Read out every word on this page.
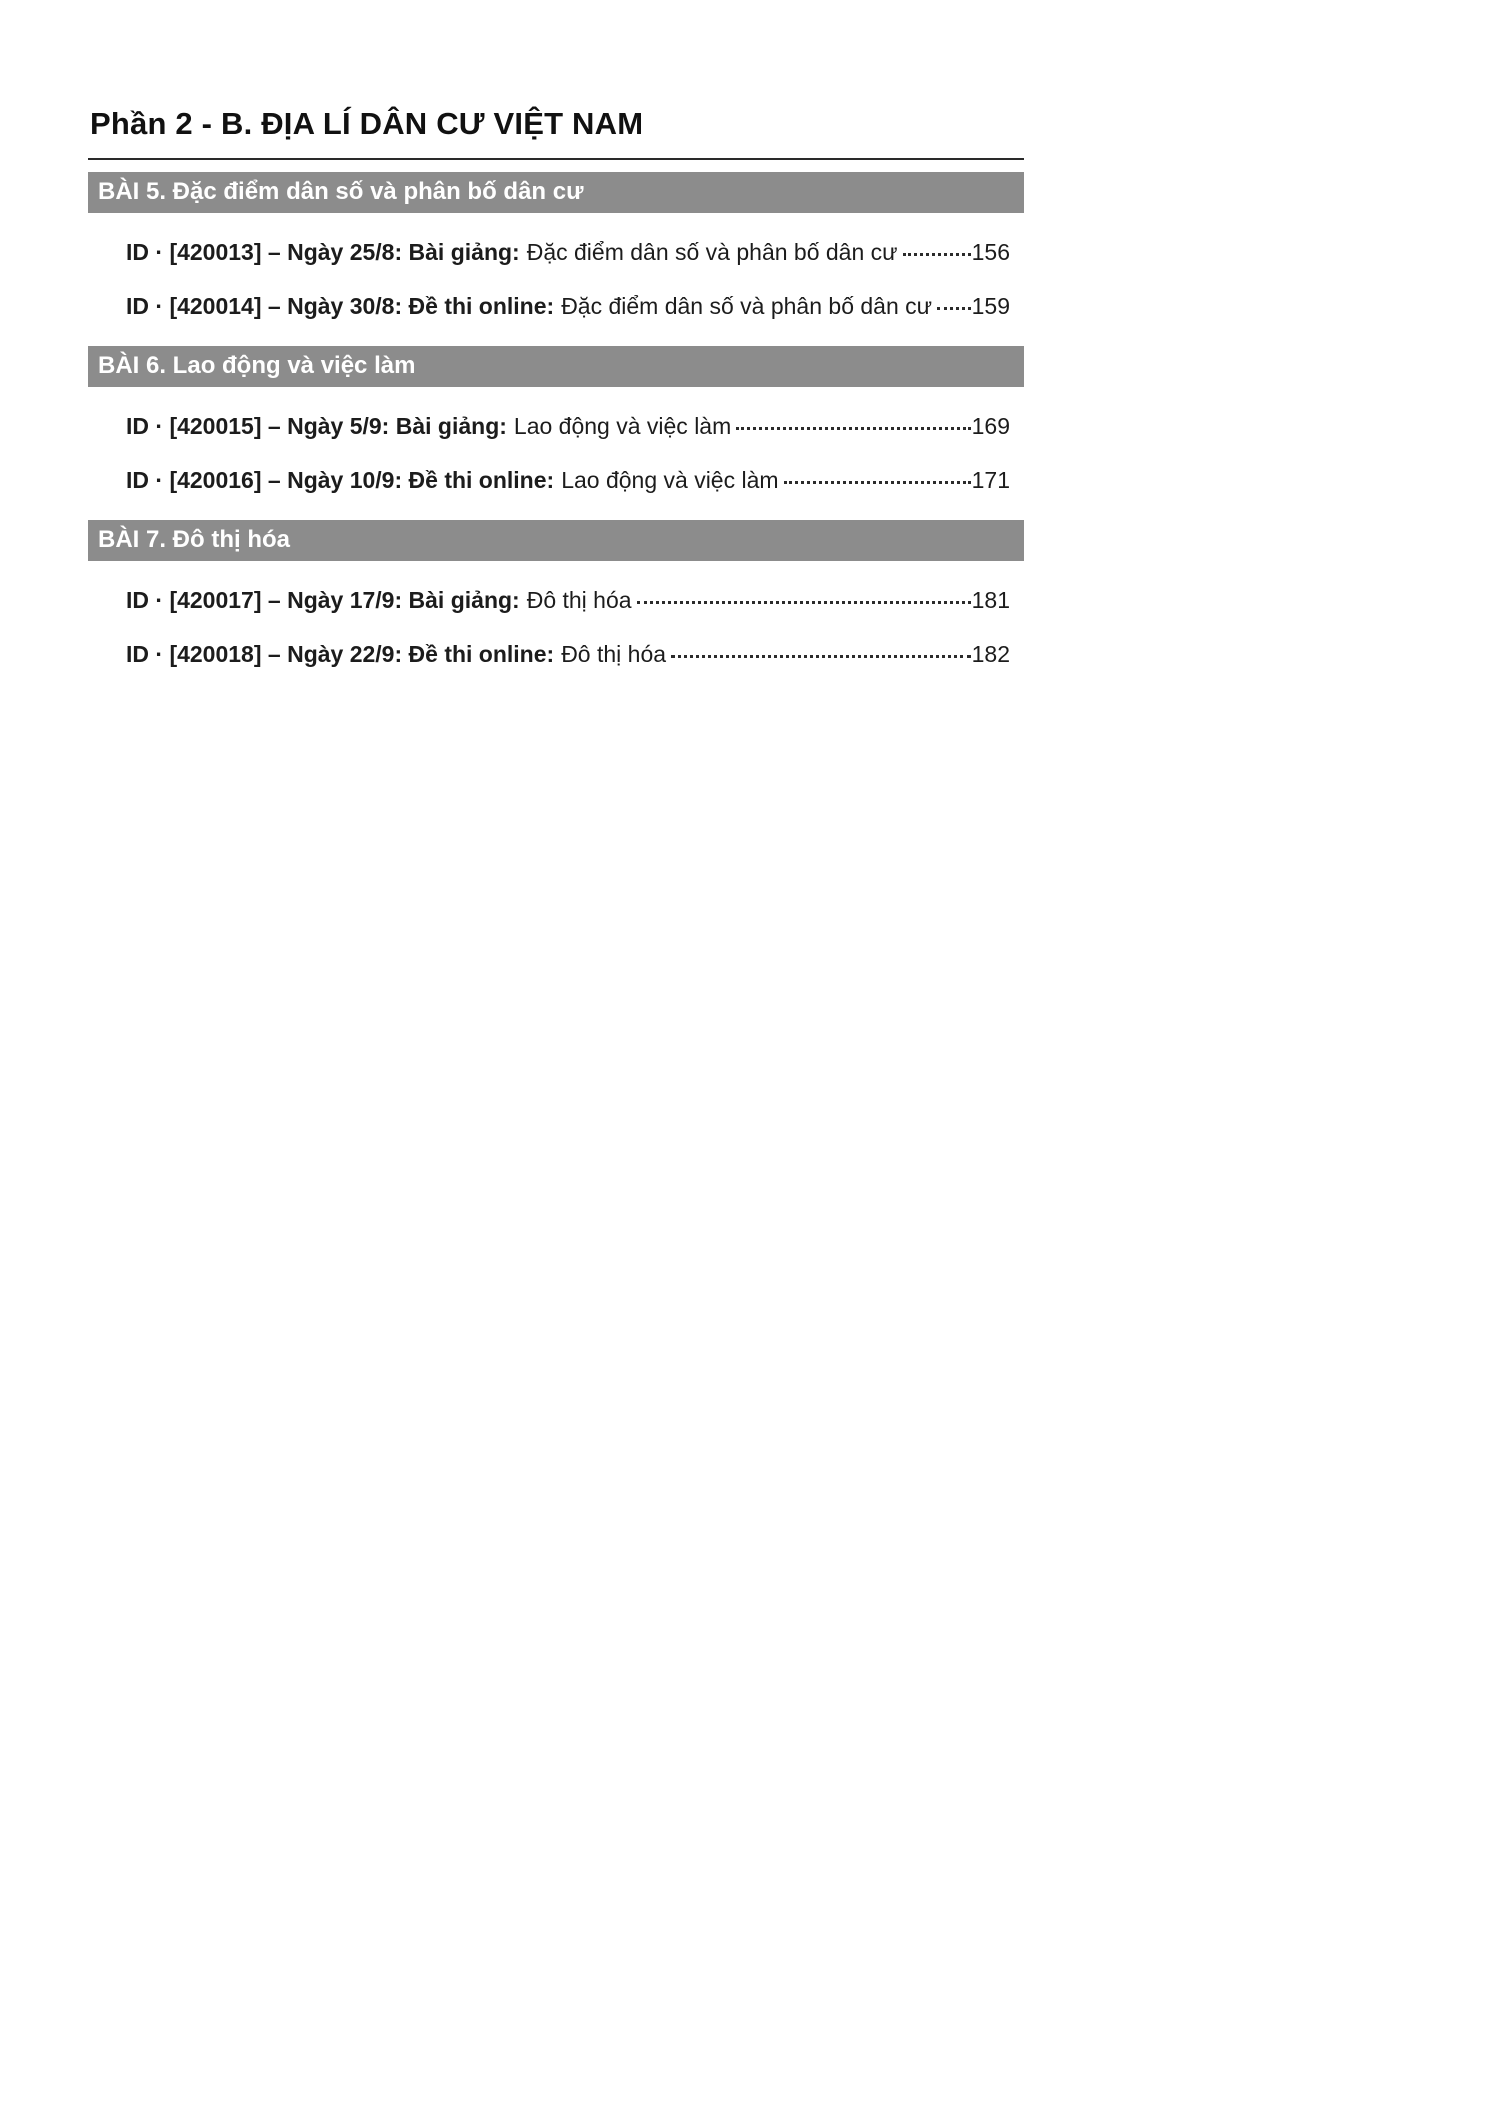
Phần 2 - B. ĐỊA LÍ DÂN CƯ VIỆT NAM
BÀI 5. Đặc điểm dân số và phân bố dân cư
ID · [420013] – Ngày 25/8: Bài giảng: Đặc điểm dân số và phân bố dân cư	156
ID · [420014] – Ngày 30/8: Đề thi online: Đặc điểm dân số và phân bố dân cư 159
BÀI 6. Lao động và việc làm
ID · [420015] – Ngày 5/9: Bài giảng: Lao động và việc làm	169
ID · [420016] – Ngày 10/9: Đề thi online: Lao động và việc làm	171
BÀI 7. Đô thị hóa
ID · [420017] – Ngày 17/9: Bài giảng: Đô thị hóa	181
ID · [420018] – Ngày 22/9: Đề thi online: Đô thị hóa	182
